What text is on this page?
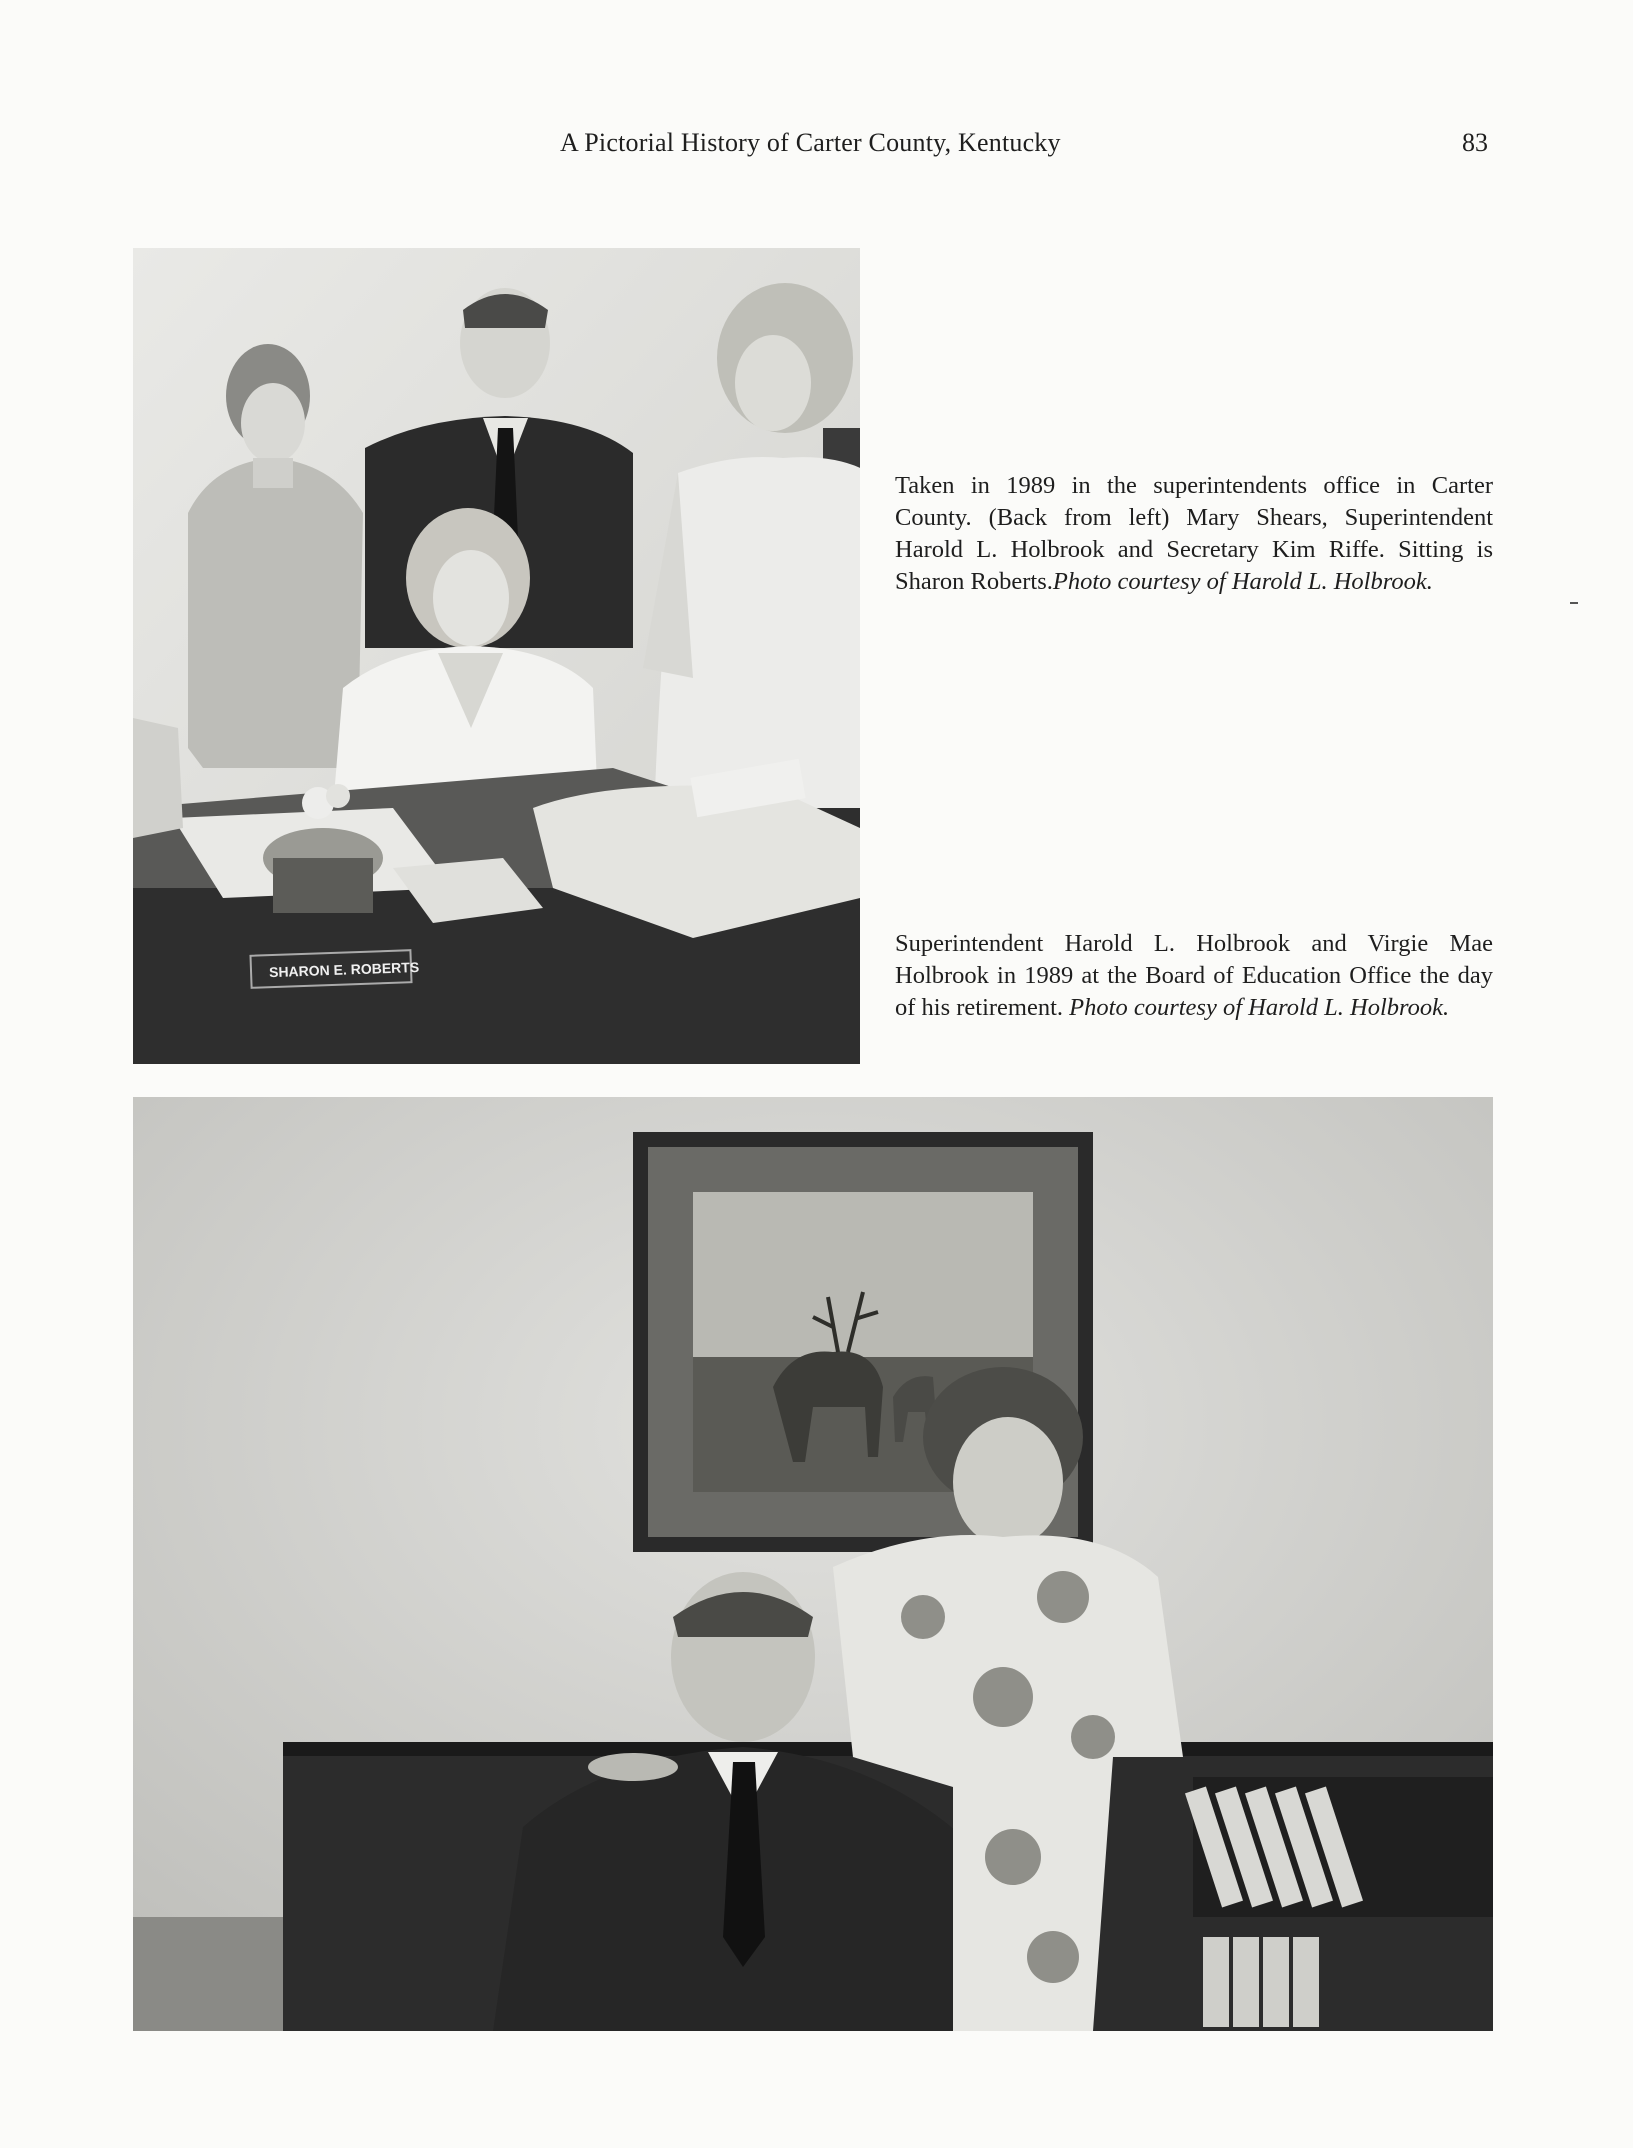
A Pictorial History of Carter County, Kentucky	83
SHARON E. ROBERTS
Taken in 1989 in the superintendents office in Carter County. (Back from left) Mary Shears, Superintendent Harold L. Holbrook and Secretary Kim Riffe. Sitting is Sharon Roberts.Photo courtesy of Harold L. Holbrook.
Superintendent Harold L. Holbrook and Virgie Mae Holbrook in 1989 at the Board of Education Office the day of his retirement. Photo courtesy of Harold L. Holbrook.
